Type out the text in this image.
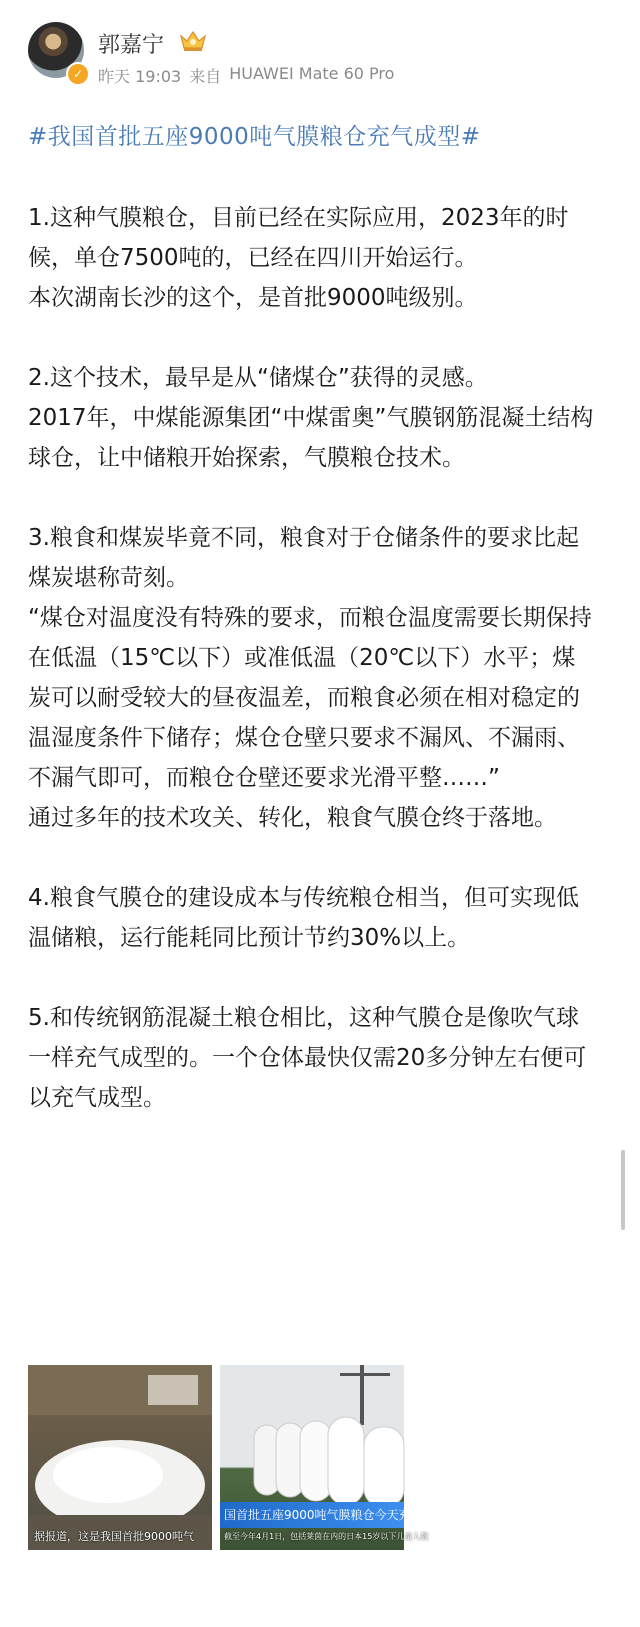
✓
郭嘉宁
昨天 19:03 来自 HUAWEI Mate 60 Pro
#我国首批五座9000吨气膜粮仓充气成型#

1.这种气膜粮仓，目前已经在实际应用，2023年的时候，单仓7500吨的，已经在四川开始运行。

本次湖南长沙的这个，是首批9000吨级别。

2.这个技术，最早是从“储煤仓”获得的灵感。

2017年，中煤能源集团“中煤雷奥”气膜钢筋混凝土结构球仓，让中储粮开始探索，气膜粮仓技术。

3.粮食和煤炭毕竟不同，粮食对于仓储条件的要求比起煤炭堪称苛刻。

“煤仓对温度没有特殊的要求，而粮仓温度需要长期保持在低温（15℃以下）或准低温（20℃以下）水平；煤炭可以耐受较大的昼夜温差，而粮食必须在相对稳定的温湿度条件下储存；煤仓仓壁只要求不漏风、不漏雨、不漏气即可，而粮仓仓壁还要求光滑平整……”

通过多年的技术攻关、转化，粮食气膜仓终于落地。

4.粮食气膜仓的建设成本与传统粮仓相当，但可实现低温储粮，运行能耗同比预计节约30%以上。

5.和传统钢筋混凝土粮仓相比，这种气膜仓是像吹气球一样充气成型的。一个仓体最快仅需20多分钟左右便可以充气成型。

据报道，这是我国首批9000吨气
国首批五座9000吨气膜粮仓今天充气
截至今年4月1日，包括莱茵在内的日本15岁以下儿童人数
